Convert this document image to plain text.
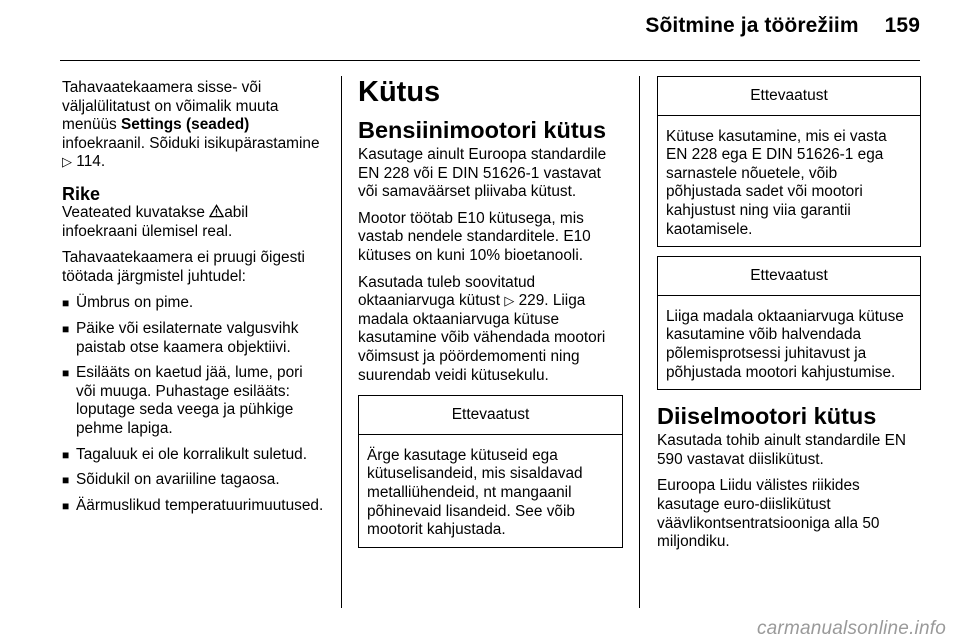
Sõitmine ja töörežiim 159

Tahavaatekaamera sisse- või väljalülitatust on võimalik muuta menüüs Settings (seaded) infoekraanil. Sõiduki isikupärastamine ▷ 114.

Rike

Veateated kuvatakse abil infoekraani ülemisel real.

Tahavaatekaamera ei pruugi õigesti töötada järgmistel juhtudel:

■ Ümbrus on pime.
■ Päike või esilaternate valgusvihk paistab otse kaamera objektiivi.
■ Esilääts on kaetud jää, lume, pori või muuga. Puhastage esilääts: loputage seda veega ja pühkige pehme lapiga.
■ Tagaluuk ei ole korralikult suletud.
■ Sõidukil on avariiline tagaosa.
■ Äärmuslikud temperatuurimuutused.
Kütus
Bensiinimootori kütus

Kasutage ainult Euroopa standardile EN 228 või E DIN 51626-1 vastavat või samaväärset pliivaba kütust.

Mootor töötab E10 kütusega, mis vastab nendele standarditele. E10 kütuses on kuni 10% bioetanooli.

Kasutada tuleb soovitatud oktaaniarvuga kütust ▷ 229. Liiga madala oktaaniarvuga kütuse kasutamine võib vähendada mootori võimsust ja pöördemomenti ning suurendab veidi kütusekulu.

Ettevaatust
Ärge kasutage kütuseid ega kütuselisandeid, mis sisaldavad metalliühendeid, nt mangaanil põhinevaid lisandeid. See võib mootorit kahjustada.
Ettevaatust
Kütuse kasutamine, mis ei vasta EN 228 ega E DIN 51626-1 ega sarnastele nõuetele, võib põhjustada sadet või mootori kahjustust ning viia garantii kaotamisele.
Ettevaatust
Liiga madala oktaaniarvuga kütuse kasutamine võib halvendada põlemisprotsessi juhitavust ja põhjustada mootori kahjustumise.
Diiselmootori kütus

Kasutada tohib ainult standardile EN 590 vastavat diislikütust.

Euroopa Liidu välistes riikides kasutage euro-diislikütust väävlikontsentratsiooniga alla 50 miljondiku.

carmanualsonline.info
